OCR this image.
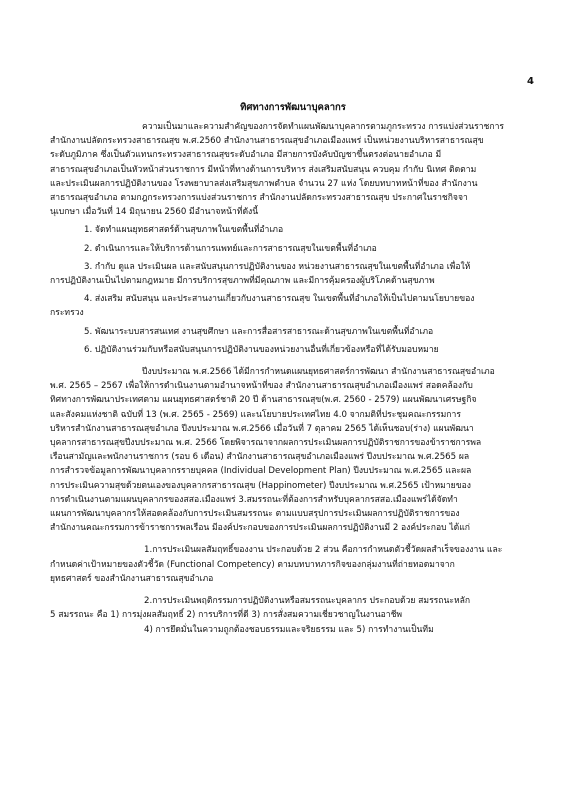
4
ทิศทางการพัฒนาบุคลากร
ความเป็นมาและความสำคัญของการจัดทำแผนพัฒนาบุคลากรตามภูกระทรวง การแบ่งส่วนราชการ
สำนักงานปลัดกระทรวงสาธารณสุข พ.ศ.2560 สำนักงานสาธารณสุขอำเภอเมืองแพร่ เป็นหน่วยงานบริหารสาธารณสุข
ระดับภูมิภาค ซึ่งเป็นตัวแทนกระทรวงสาธารณสุขระดับอำเภอ มีสายการบังคับบัญชาขึ้นตรงต่อนายอำเภอ มี
สาธารณสุขอำเภอเป็นหัวหน้าส่วนราชการ มีหน้าที่ทางด้านการบริหาร ส่งเสริมสนับสนุน ควบคุม กำกับ นิเทศ ติดตาม
และประเมินผลการปฏิบัติงานของ โรงพยาบาลส่งเสริมสุขภาพตำบล จำนวน 27 แห่ง โดยบทบาทหน้าที่ของ สำนักงาน
สาธารณสุขอำเภอ ตามกฎกระทรวงการแบ่งส่วนราชการ สำนักงานปลัดกระทรวงสาธารณสุข ประกาศในราชกิจจา
นุเบกษา เมื่อวันที่ 14 มิถุนายน 2560 มีอำนาจหน้าที่ดังนี้
1. จัดทำแผนยุทธศาสตร์ด้านสุขภาพในเขตพื้นที่อำเภอ
2. ดำเนินการและให้บริการด้านการแพทย์และการสาธารณสุขในเขตพื้นที่อำเภอ
3. กำกับ ดูแล ประเมินผล และสนับสนุนการปฏิบัติงานของ หน่วยงานสาธารณสุขในเขตพื้นที่อำเภอ เพื่อให้
การปฏิบัติงานเป็นไปตามกฎหมาย มีการบริการสุขภาพที่มีคุณภาพ และมีการคุ้มครองผู้บริโภคด้านสุขภาพ
4. ส่งเสริม สนับสนุน และประสานงานเกี่ยวกับงานสาธารณสุข ในเขตพื้นที่อำเภอให้เป็นไปตามนโยบายของ
กระทรวง
5. พัฒนาระบบสารสนเทศ งานสุขศึกษา และการสื่อสารสาธารณะด้านสุขภาพในเขตพื้นที่อำเภอ
6. ปฏิบัติงานร่วมกับหรือสนับสนุนการปฏิบัติงานของหน่วยงานอื่นที่เกี่ยวข้องหรือที่ได้รับมอบหมาย
ปีงบประมาณ พ.ศ.2566 ได้มีการกำหนดแผนยุทธศาสตร์การพัฒนา สำนักงานสาธารณสุขอำเภอ
พ.ศ. 2565 – 2567 เพื่อให้การดำเนินงานตามอำนาจหน้าที่ของ สำนักงานสาธารณสุขอำเภอเมืองแพร่ สอดคล้องกับ
ทิศทางการพัฒนาประเทศตาม แผนยุทธศาสตร์ชาติ 20 ปี ด้านสาธารณสุข(พ.ศ. 2560 - 2579) แผนพัฒนาเศรษฐกิจ
และสังคมแห่งชาติ ฉบับที่ 13 (พ.ศ. 2565 - 2569) และนโยบายประเทศไทย 4.0 จากมติที่ประชุมคณะกรรมการ
บริหารสำนักงานสาธารณสุขอำเภอ ปีงบประมาณ พ.ศ.2566 เมื่อวันที่ 7 ตุลาคม 2565 ได้เห็นชอบ(ร่าง) แผนพัฒนา
บุคลากรสาธารณสุขปีงบประมาณ พ.ศ. 2566 โดยพิจารณาจากผลการประเมินผลการปฏิบัติราชการของข้าราชการพล
เรือนสามัญและพนักงานราชการ (รอบ 6 เดือน) สำนักงานสาธารณสุขอำเภอเมืองแพร่ ปีงบประมาณ พ.ศ.2565 ผล
การสำรวจข้อมูลการพัฒนาบุคลากรรายบุคคล (Individual Development Plan) ปีงบประมาณ พ.ศ.2565 และผล
การประเมินความสุขด้วยตนเองของบุคลากรสาธารณสุข (Happinometer) ปีงบประมาณ พ.ศ.2565 เป้าหมายของ
การดำเนินงานตามแผนบุคลากรของสสอ.เมืองแพร่ 3.สมรรถนะที่ต้องการสำหรับบุคลากรสสอ.เมืองแพร่ได้จัดทำ
แผนการพัฒนาบุคลากรให้สอดคล้องกับการประเมินสมรรถนะ ตามแบบสรุปการประเมินผลการปฏิบัติราชการของ
สำนักงานคณะกรรมการข้าราชการพลเรือน มีองค์ประกอบของการประเมินผลการปฏิบัติงานมี 2 องค์ประกอบ ได้แก่
1.การประเมินผลสัมฤทธิ์ของงาน ประกอบด้วย 2 ส่วน คือการกำหนดตัวชี้วัดผลสำเร็จของงาน และ
กำหนดค่าเป้าหมายของตัวชี้วัด (Functional Competency) ตามบทบาทภารกิจของกลุ่มงานที่ถ่ายทอดมาจาก
ยุทธศาสตร์ ของสำนักงานสาธารณสุขอำเภอ
2.การประเมินพฤติกรรมการปฏิบัติงานหรือสมรรถนะบุคลากร ประกอบด้วย สมรรถนะหลัก
5 สมรรถนะ คือ 1) การมุ่งผลสัมฤทธิ์ 2) การบริการที่ดี 3) การสั่งสมความเชี่ยวชาญในงานอาชีพ
4) การยึดมั่นในความถูกต้องชอบธรรมและจริยธรรม และ 5) การทำงานเป็นทีม
